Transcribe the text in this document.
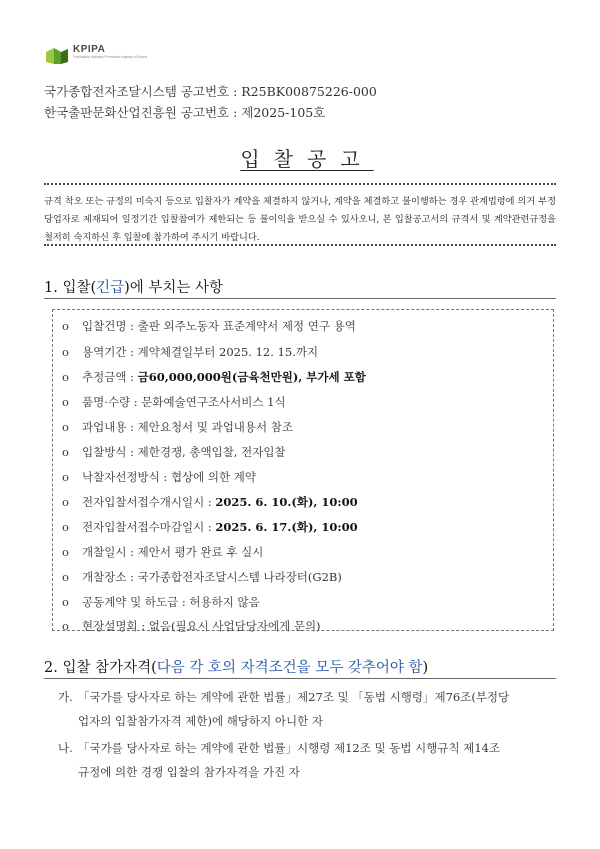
KPIPA
Publication Industry Promotion Agency of Korea
국가종합전자조달시스템 공고번호 : R25BK00875226-000
한국출판문화산업진흥원 공고번호 : 제2025-105호
입찰공고
규격 착오 또는 규정의 미숙지 등으로 입찰자가 계약을 체결하지 않거나, 계약을 체결하고 불이행하는 경우 관계법령에 의거 부정당업자로 제재되어 일정기간 입찰참여가 제한되는 등 불이익을 받으실 수 있사오니, 본 입찰공고서의 규격서 및 계약관련규정을 철저히 숙지하신 후 입찰에 참가하여 주시기 바랍니다.
1. 입찰(긴급)에 부치는 사항
ο 입찰건명 : 출판 외주노동자 표준계약서 제정 연구 용역
ο 용역기간 : 계약체결일부터 2025. 12. 15.까지
ο 추정금액 : 금60,000,000원(금육천만원), 부가세 포함
ο 품명·수량 : 문화예술연구조사서비스 1식
ο 과업내용 : 제안요청서 및 과업내용서 참조
ο 입찰방식 : 제한경쟁, 총액입찰, 전자입찰
ο 낙찰자선정방식 : 협상에 의한 계약
ο 전자입찰서접수개시일시 : 2025. 6. 10.(화), 10:00
ο 전자입찰서접수마감일시 : 2025. 6. 17.(화), 10:00
ο 개찰일시 : 제안서 평가 완료 후 실시
ο 개찰장소 : 국가종합전자조달시스템 나라장터(G2B)
ο 공동계약 및 하도급 : 허용하지 않음
ο 현장설명회 : 없음(필요시 사업담당자에게 문의)
2. 입찰 참가자격(다음 각 호의 자격조건을 모두 갖추어야 함)
가. 「국가를 당사자로 하는 계약에 관한 법률」제27조 및 「동법 시행령」제76조(부정당
업자의 입찰참가자격 제한)에 해당하지 아니한 자
나. 「국가를 당사자로 하는 계약에 관한 법률」시행령 제12조 및 동법 시행규칙 제14조
규정에 의한 경쟁 입찰의 참가자격을 가진 자
